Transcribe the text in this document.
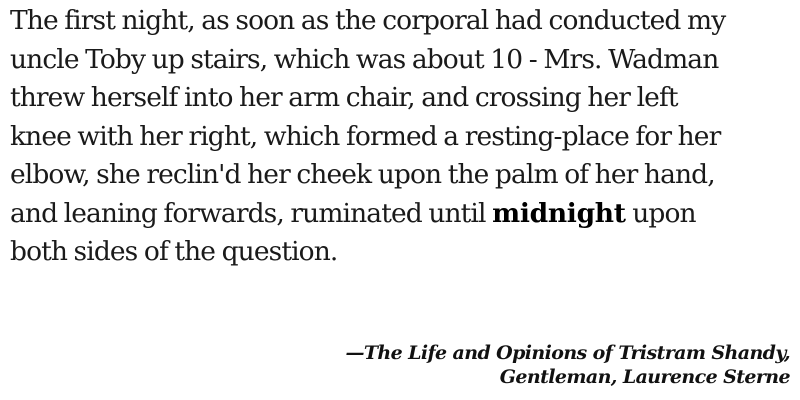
The first night, as soon as the corporal had conducted my
uncle Toby up stairs, which was about 10 - Mrs. Wadman
threw herself into her arm chair, and crossing her left
knee with her right, which formed a resting-place for her
elbow, she reclin'd her cheek upon the palm of her hand,
and leaning forwards, ruminated until midnight upon
both sides of the question.

—The Life and Opinions of Tristram Shandy,
Gentleman, Laurence Sterne
